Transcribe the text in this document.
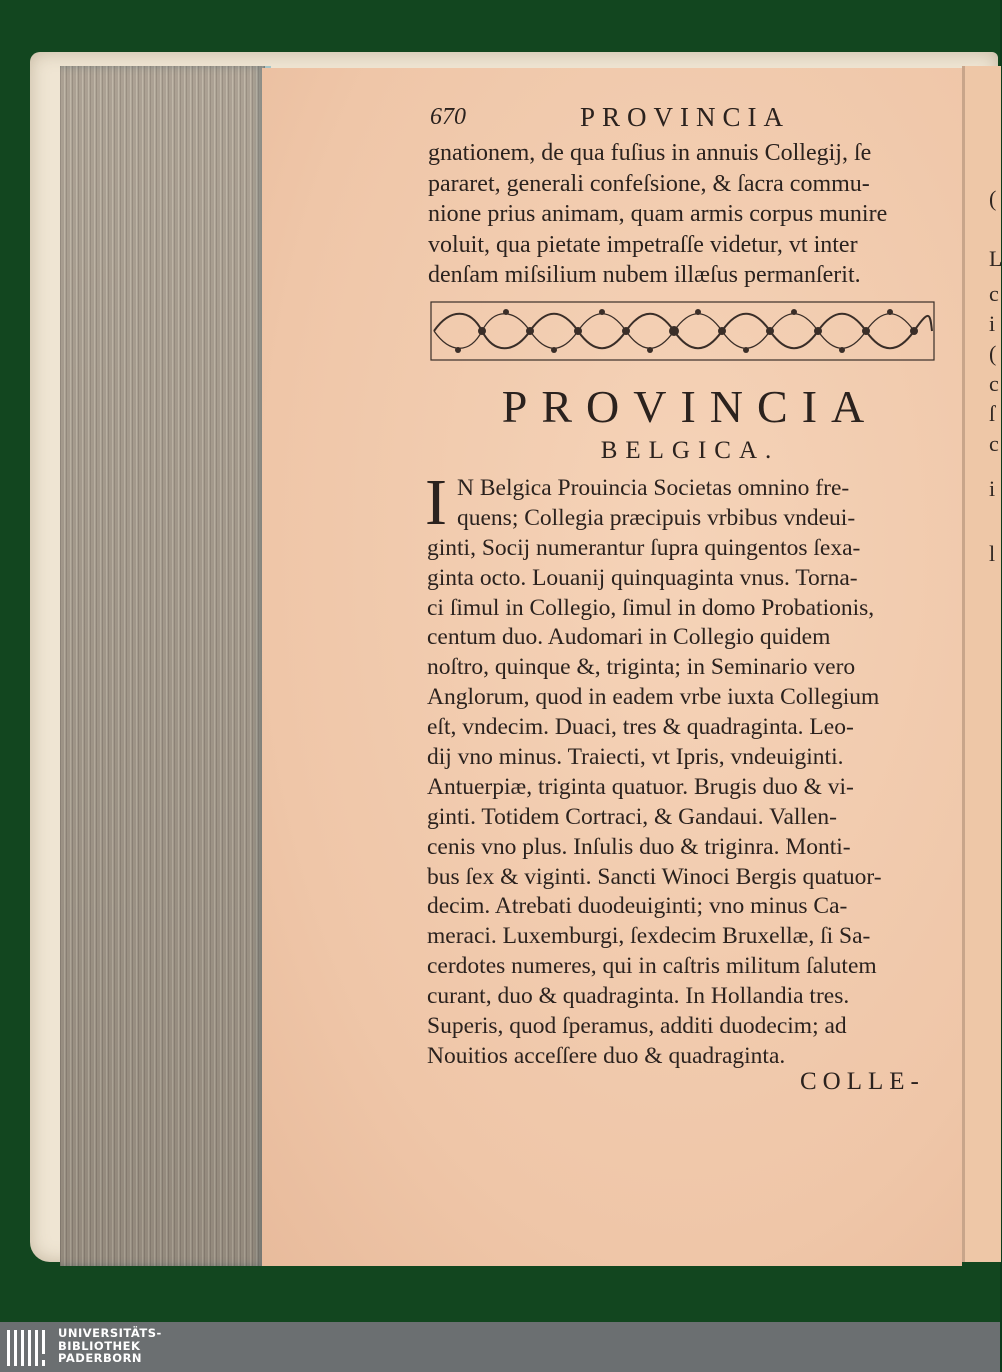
(
L
c
i
(
c
ſ
c
i
l
670	PROVINCIA
gnationem, de qua fuſius in annuis Collegij, ſe
pararet, generali confeſsione, & ſacra commu-
nione prius animam, quam armis corpus munire
voluit, qua pietate impetraſſe videtur, vt inter
denſam miſsilium nubem illæſus permanſerit.
PROVINCIA
BELGICA.
I N Belgica Prouincia Societas omnino fre-
quens; Collegia præcipuis vrbibus vndeui-
ginti, Socij numerantur ſupra quingentos ſexa-
ginta octo. Louanij quinquaginta vnus. Torna-
ci ſimul in Collegio, ſimul in domo Probationis,
centum duo. Audomari in Collegio quidem
noſtro, quinque &, triginta; in Seminario vero
Anglorum, quod in eadem vrbe iuxta Collegium
eſt, vndecim. Duaci, tres & quadraginta. Leo-
dij vno minus. Traiecti, vt Ipris, vndeuiginti.
Antuerpiæ, triginta quatuor. Brugis duo & vi-
ginti. Totidem Cortraci, & Gandaui. Vallen-
cenis vno plus. Inſulis duo & triginra. Monti-
bus ſex & viginti. Sancti Winoci Bergis quatuor-
decim. Atrebati duodeuiginti; vno minus Ca-
meraci. Luxemburgi, ſexdecim Bruxellæ, ſi Sa-
cerdotes numeres, qui in caſtris militum ſalutem
curant, duo & quadraginta. In Hollandia tres.
Superis, quod ſperamus, additi duodecim; ad
Nouitios acceſſere duo & quadraginta.
COLLE-
UNIVERSITÄTS-
BIBLIOTHEK
PADERBORN
